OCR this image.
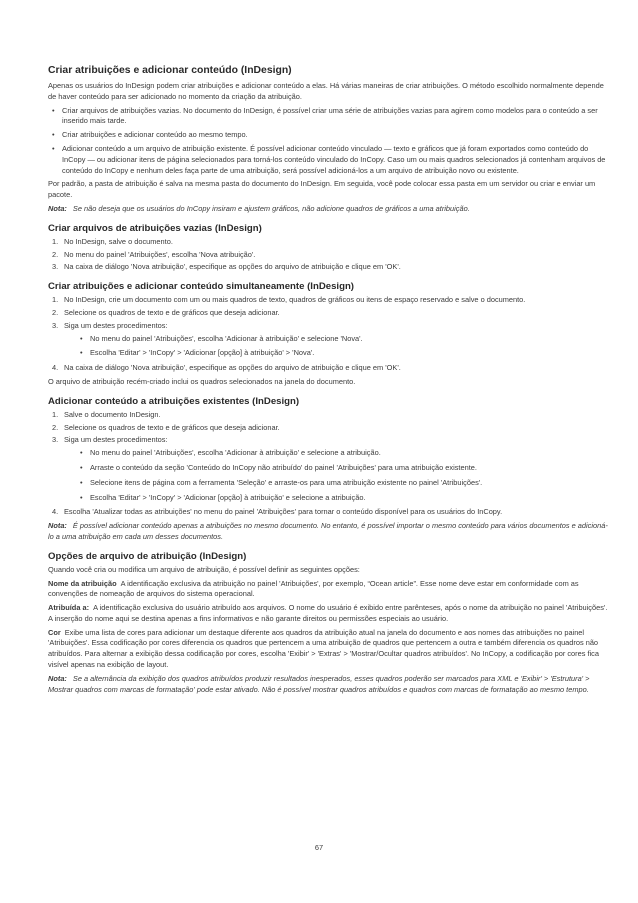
Criar atribuições e adicionar conteúdo (InDesign)

Apenas os usuários do InDesign podem criar atribuições e adicionar conteúdo a elas. Há várias maneiras de criar atribuições. O método escolhido normalmente depende de haver conteúdo para ser adicionado no momento da criação da atribuição.

• Criar arquivos de atribuições vazias. No documento do InDesign, é possível criar uma série de atribuições vazias para agirem como modelos para o conteúdo a ser inserido mais tarde.
• Criar atribuições e adicionar conteúdo ao mesmo tempo.
• Adicionar conteúdo a um arquivo de atribuição existente. É possível adicionar conteúdo vinculado — texto e gráficos que já foram exportados como conteúdo do InCopy — ou adicionar itens de página selecionados para torná-los conteúdo vinculado do InCopy. Caso um ou mais quadros selecionados já contenham arquivos de conteúdo do InCopy e nenhum deles faça parte de uma atribuição, será possível adicioná-los a um arquivo de atribuição novo ou existente.

Por padrão, a pasta de atribuição é salva na mesma pasta do documento do InDesign. Em seguida, você pode colocar essa pasta em um servidor ou criar e enviar um pacote.

Nota: Se não deseja que os usuários do InCopy insiram e ajustem gráficos, não adicione quadros de gráficos a uma atribuição.

Criar arquivos de atribuições vazias (InDesign)
1. No InDesign, salve o documento.
2. No menu do painel 'Atribuições', escolha 'Nova atribuição'.
3. Na caixa de diálogo 'Nova atribuição', especifique as opções do arquivo de atribuição e clique em 'OK'.
Criar atribuições e adicionar conteúdo simultaneamente (InDesign)
1. No InDesign, crie um documento com um ou mais quadros de texto, quadros de gráficos ou itens de espaço reservado e salve o documento.
2. Selecione os quadros de texto e de gráficos que deseja adicionar.
3. Siga um destes procedimentos:
• No menu do painel 'Atribuições', escolha 'Adicionar à atribuição' e selecione 'Nova'.
• Escolha 'Editar' > 'InCopy' > 'Adicionar [opção] à atribuição' > 'Nova'.
4. Na caixa de diálogo 'Nova atribuição', especifique as opções do arquivo de atribuição e clique em 'OK'.

O arquivo de atribuição recém-criado inclui os quadros selecionados na janela do documento.

Adicionar conteúdo a atribuições existentes (InDesign)
1. Salve o documento InDesign.
2. Selecione os quadros de texto e de gráficos que deseja adicionar.
3. Siga um destes procedimentos:
• No menu do painel 'Atribuições', escolha 'Adicionar à atribuição' e selecione a atribuição.
• Arraste o conteúdo da seção 'Conteúdo do InCopy não atribuído' do painel 'Atribuições' para uma atribuição existente.
• Selecione itens de página com a ferramenta 'Seleção' e arraste-os para uma atribuição existente no painel 'Atribuições'.
• Escolha 'Editar' > 'InCopy' > 'Adicionar [opção] à atribuição' e selecione a atribuição.
4. Escolha 'Atualizar todas as atribuições' no menu do painel 'Atribuições' para tornar o conteúdo disponível para os usuários do InCopy.

Nota: É possível adicionar conteúdo apenas a atribuições no mesmo documento. No entanto, é possível importar o mesmo conteúdo para vários documentos e adicioná-lo a uma atribuição em cada um desses documentos.

Opções de arquivo de atribuição (InDesign)

Quando você cria ou modifica um arquivo de atribuição, é possível definir as seguintes opções:

Nome da atribuição A identificação exclusiva da atribuição no painel 'Atribuições', por exemplo, “Ocean article”. Esse nome deve estar em conformidade com as convenções de nomeação de arquivos do sistema operacional.

Atribuída a: A identificação exclusiva do usuário atribuído aos arquivos. O nome do usuário é exibido entre parênteses, após o nome da atribuição no painel 'Atribuições'. A inserção do nome aqui se destina apenas a fins informativos e não garante direitos ou permissões especiais ao usuário.

Cor Exibe uma lista de cores para adicionar um destaque diferente aos quadros da atribuição atual na janela do documento e aos nomes das atribuições no painel 'Atribuições'. Essa codificação por cores diferencia os quadros que pertencem a uma atribuição de quadros que pertencem a outra e também diferencia os quadros não atribuídos. Para alternar a exibição dessa codificação por cores, escolha 'Exibir' > 'Extras' > 'Mostrar/Ocultar quadros atribuídos'. No InCopy, a codificação por cores fica visível apenas na exibição de layout.

Nota: Se a alternância da exibição dos quadros atribuídos produzir resultados inesperados, esses quadros poderão ser marcados para XML e 'Exibir' > 'Estrutura' > Mostrar quadros com marcas de formatação' pode estar ativado. Não é possível mostrar quadros atribuídos e quadros com marcas de formatação ao mesmo tempo.

67
